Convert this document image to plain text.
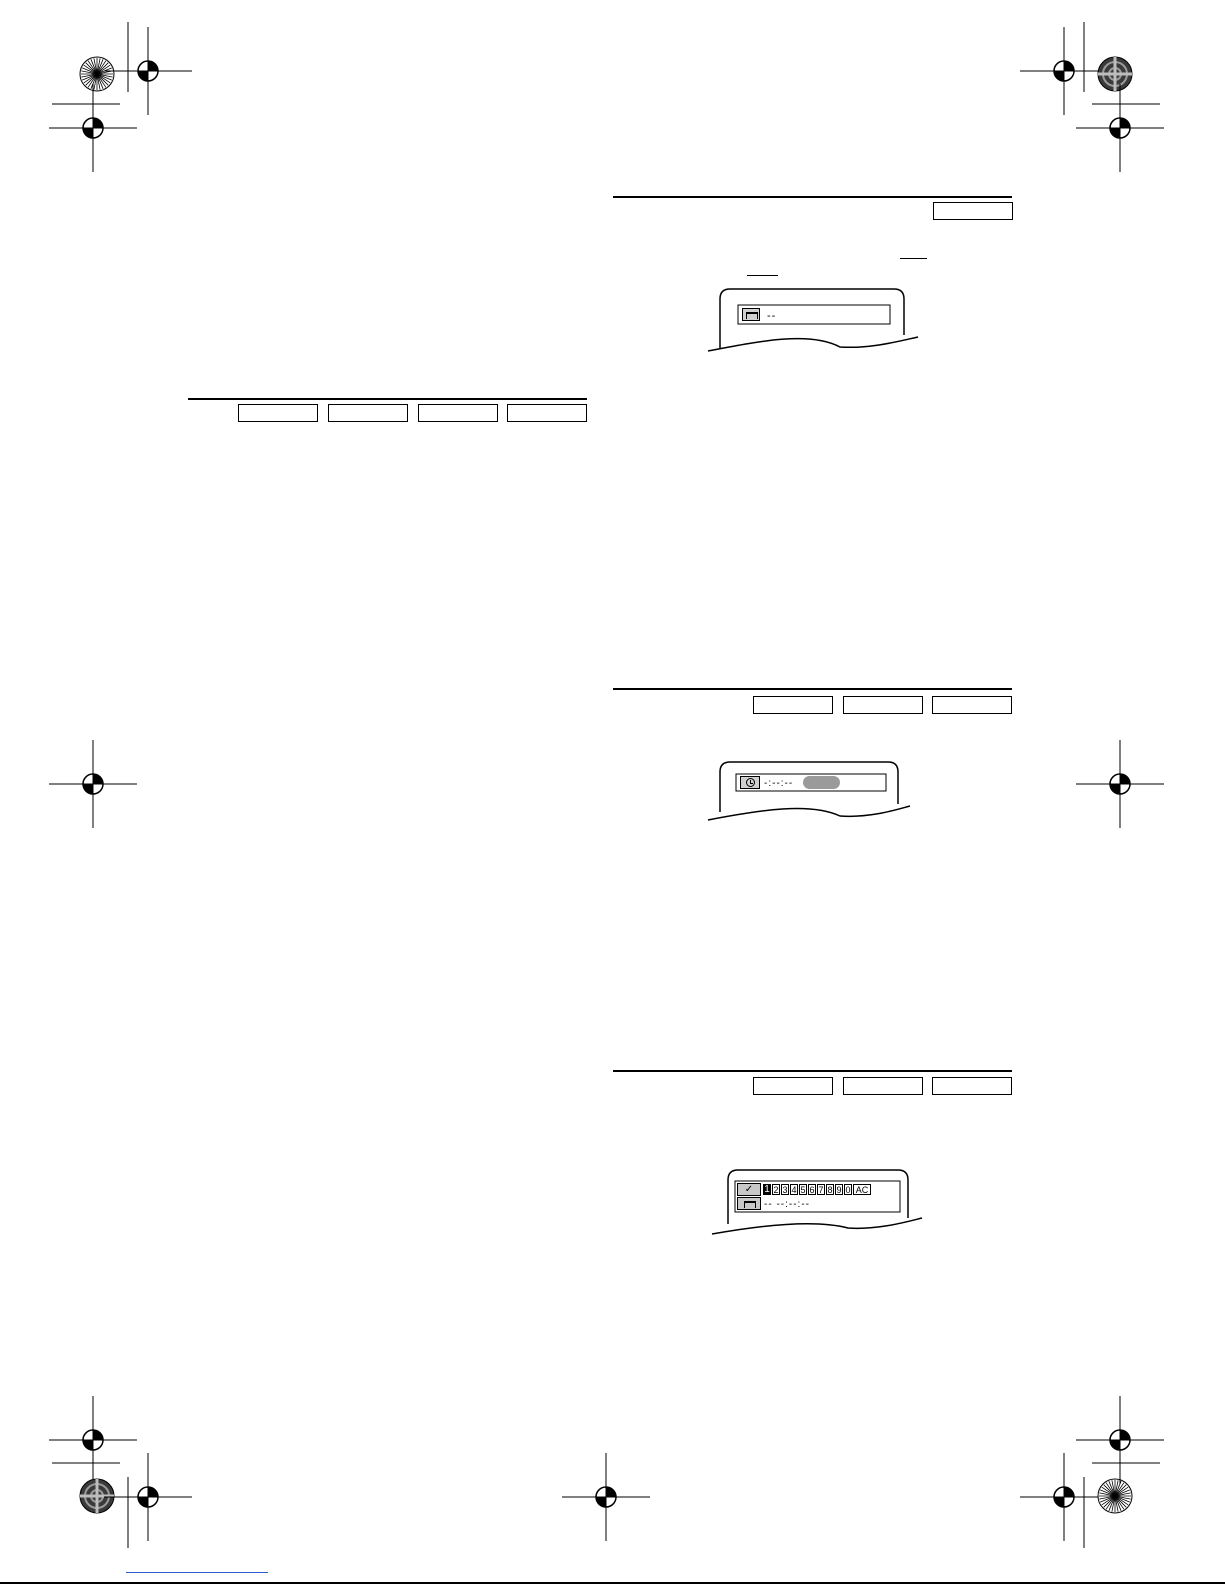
--
-:--:--
✓	1 2 3 4 5 6 7 8 9 0 AC
-- --:--:--
